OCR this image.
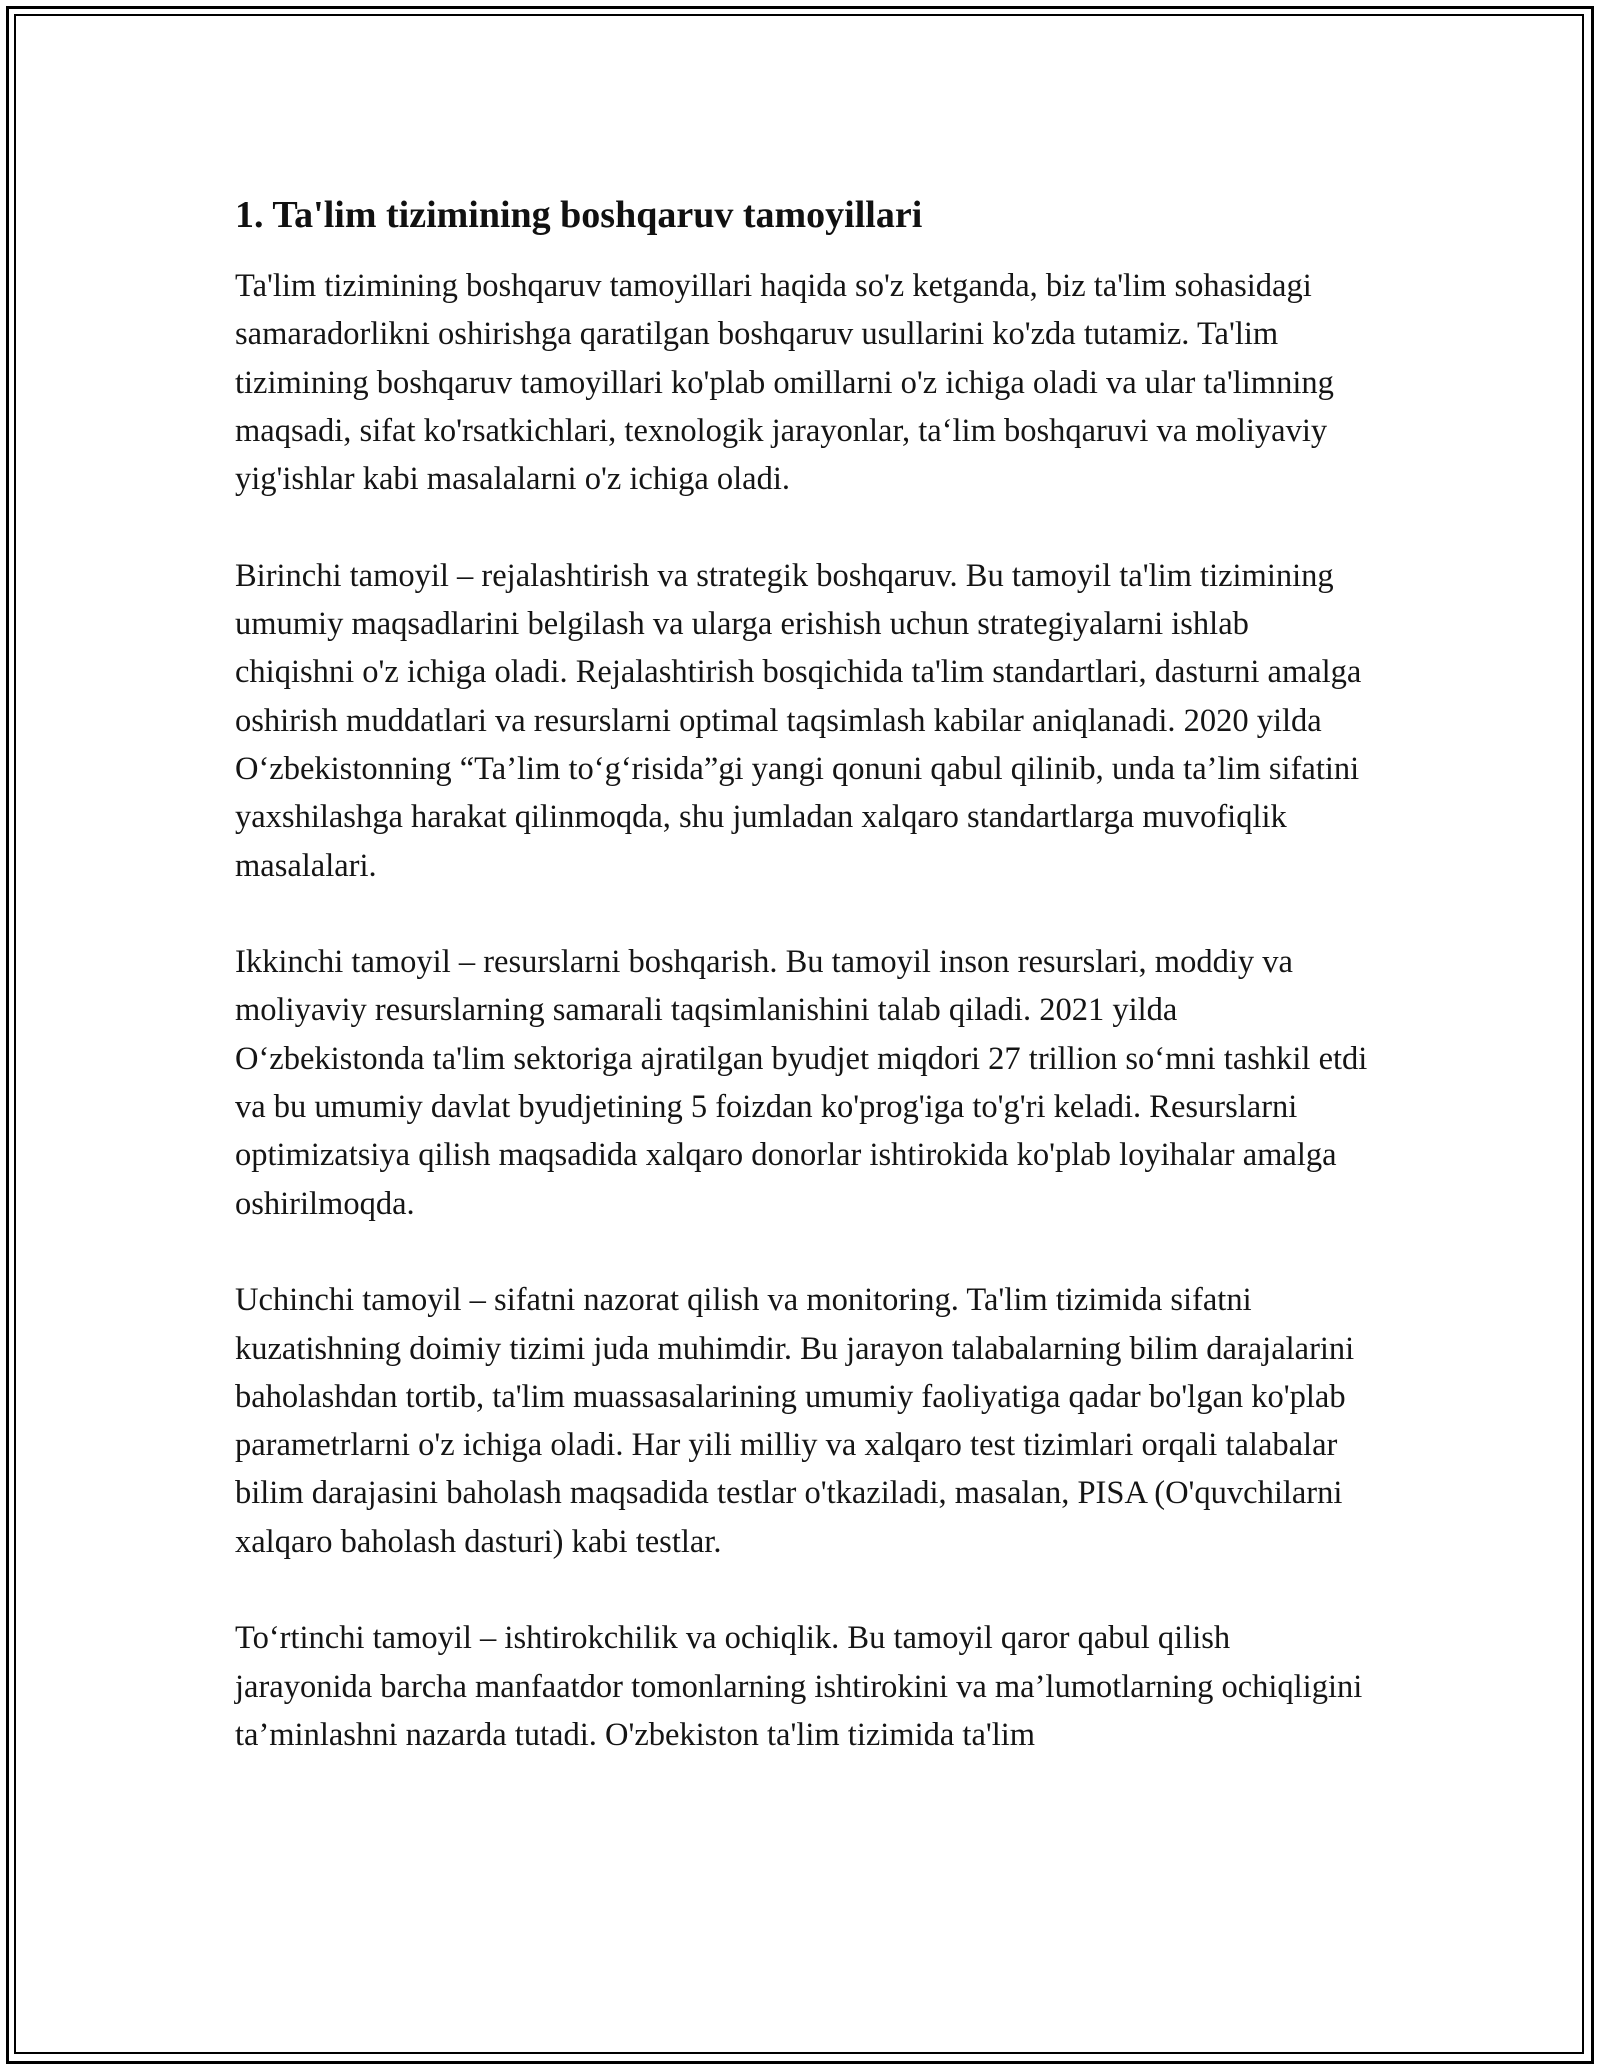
1. Ta'lim tizimining boshqaruv tamoyillari

Ta'lim tizimining boshqaruv tamoyillari haqida so'z ketganda, biz ta'lim sohasidagi samaradorlikni oshirishga qaratilgan boshqaruv usullarini ko'zda tutamiz. Ta'lim tizimining boshqaruv tamoyillari ko'plab omillarni o'z ichiga oladi va ular ta'limning maqsadi, sifat ko'rsatkichlari, texnologik jarayonlar, ta‘lim boshqaruvi va moliyaviy yig'ishlar kabi masalalarni o'z ichiga oladi.

Birinchi tamoyil – rejalashtirish va strategik boshqaruv. Bu tamoyil ta'lim tizimining umumiy maqsadlarini belgilash va ularga erishish uchun strategiyalarni ishlab chiqishni o'z ichiga oladi. Rejalashtirish bosqichida ta'lim standartlari, dasturni amalga oshirish muddatlari va resurslarni optimal taqsimlash kabilar aniqlanadi. 2020 yilda O‘zbekistonning “Ta’lim to‘g‘risida”gi yangi qonuni qabul qilinib, unda ta’lim sifatini yaxshilashga harakat qilinmoqda, shu jumladan xalqaro standartlarga muvofiqlik masalalari.

Ikkinchi tamoyil – resurslarni boshqarish. Bu tamoyil inson resurslari, moddiy va moliyaviy resurslarning samarali taqsimlanishini talab qiladi. 2021 yilda O‘zbekistonda ta'lim sektoriga ajratilgan byudjet miqdori 27 trillion so‘mni tashkil etdi va bu umumiy davlat byudjetining 5 foizdan ko'prog'iga to'g'ri keladi. Resurslarni optimizatsiya qilish maqsadida xalqaro donorlar ishtirokida ko'plab loyihalar amalga oshirilmoqda.

Uchinchi tamoyil – sifatni nazorat qilish va monitoring. Ta'lim tizimida sifatni kuzatishning doimiy tizimi juda muhimdir. Bu jarayon talabalarning bilim darajalarini baholashdan tortib, ta'lim muassasalarining umumiy faoliyatiga qadar bo'lgan ko'plab parametrlarni o'z ichiga oladi. Har yili milliy va xalqaro test tizimlari orqali talabalar bilim darajasini baholash maqsadida testlar o'tkaziladi, masalan, PISA (O'quvchilarni xalqaro baholash dasturi) kabi testlar.

To‘rtinchi tamoyil – ishtirokchilik va ochiqlik. Bu tamoyil qaror qabul qilish jarayonida barcha manfaatdor tomonlarning ishtirokini va ma’lumotlarning ochiqligini ta’minlashni nazarda tutadi. O'zbekiston ta'lim tizimida ta'lim
